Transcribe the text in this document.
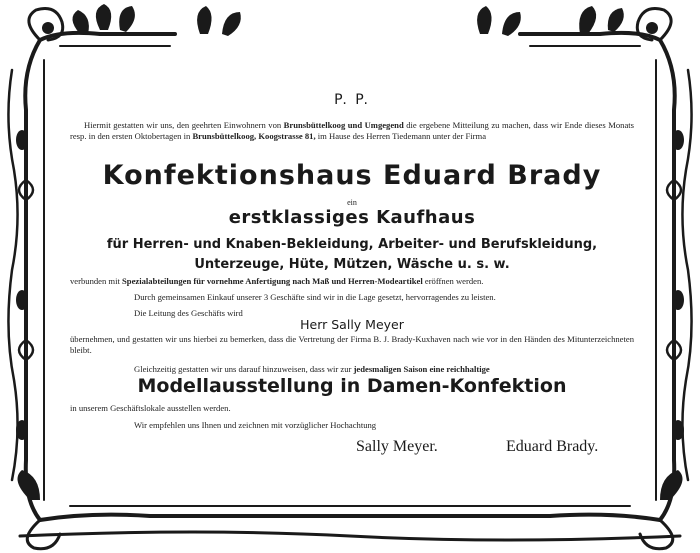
P. P.
Hiermit gestatten wir uns, den geehrten Einwohnern von Brunsbüttelkoog und Umgegend die ergebene Mitteilung zu machen, dass wir Ende dieses Monats resp. in den ersten Oktobertagen in Brunsbüttelkoog, Koogstrasse 81, im Hause des Herren Tiedemann unter der Firma
Konfektionshaus Eduard Brady
ein
erstklassiges Kaufhaus
für Herren- und Knaben-Bekleidung, Arbeiter- und Berufskleidung,
Unterzeuge, Hüte, Mützen, Wäsche u. s. w.
verbunden mit Spezialabteilungen für vornehme Anfertigung nach Maß und Herren-Modeartikel eröffnen werden.
Durch gemeinsamen Einkauf unserer 3 Geschäfte sind wir in die Lage gesetzt, hervorragendes zu leisten.
Die Leitung des Geschäfts wird
Herr Sally Meyer
übernehmen, und gestatten wir uns hierbei zu bemerken, dass die Vertretung der Firma B. J. Brady-Kuxhaven nach wie vor in den Händen des Mitunterzeichneten bleibt.
Gleichzeitig gestatten wir uns darauf hinzuweisen, dass wir zur jedesmaligen Saison eine reichhaltige
Modellausstellung in Damen-Konfektion
in unserem Geschäftslokale ausstellen werden.
Wir empfehlen uns Ihnen und zeichnen mit vorzüglicher Hochachtung
Sally Meyer.	Eduard Brady.
